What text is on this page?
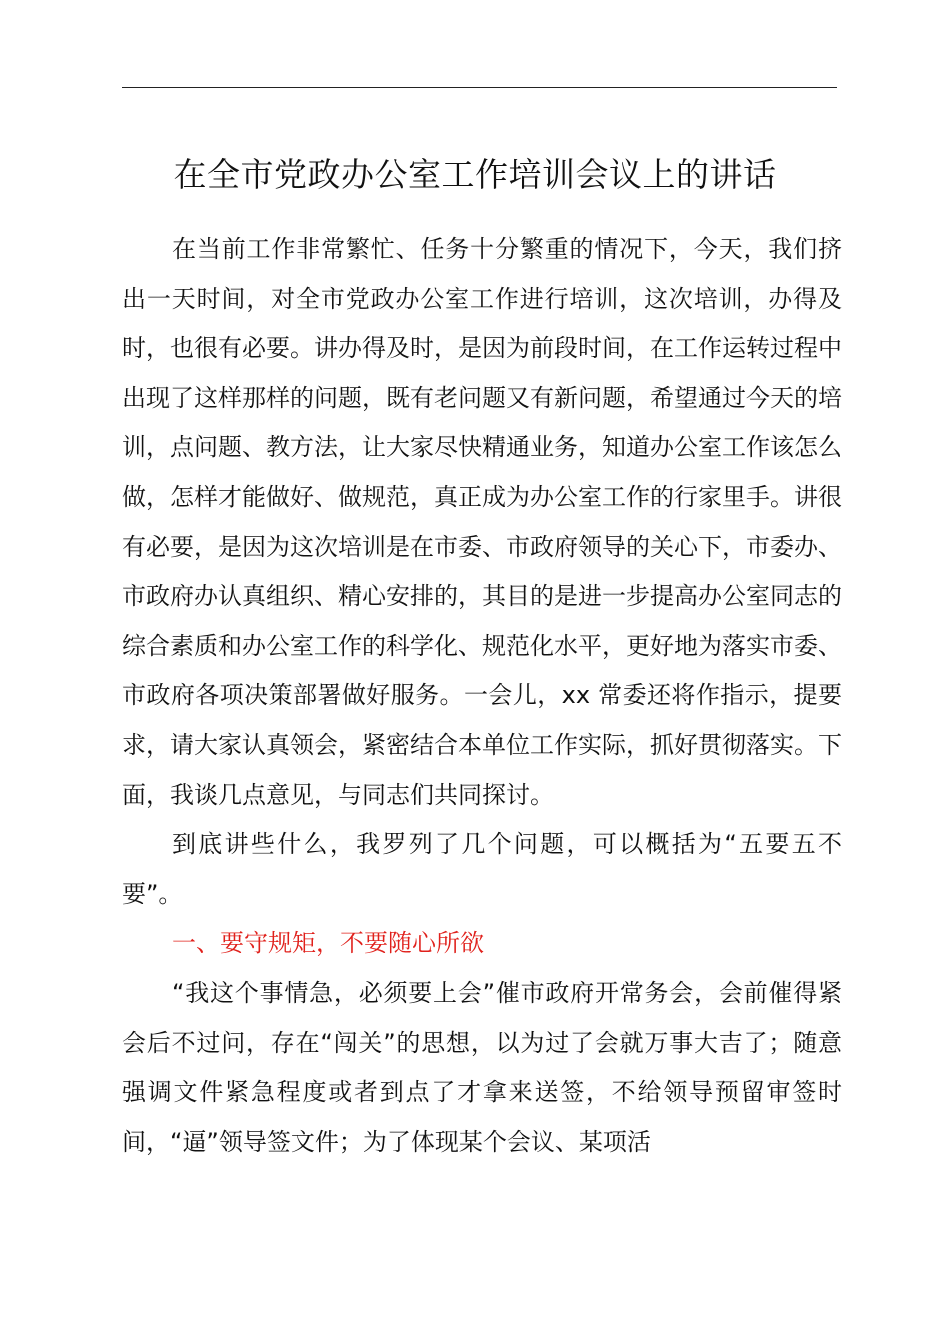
在全市党政办公室工作培训会议上的讲话

在当前工作非常繁忙、任务十分繁重的情况下，今天，我们挤出一天时间，对全市党政办公室工作进行培训，这次培训，办得及时，也很有必要。讲办得及时，是因为前段时间，在工作运转过程中出现了这样那样的问题，既有老问题又有新问题，希望通过今天的培训，点问题、教方法，让大家尽快精通业务，知道办公室工作该怎么做，怎样才能做好、做规范，真正成为办公室工作的行家里手。讲很有必要，是因为这次培训是在市委、市政府领导的关心下，市委办、市政府办认真组织、精心安排的，其目的是进一步提高办公室同志的综合素质和办公室工作的科学化、规范化水平，更好地为落实市委、市政府各项决策部署做好服务。一会儿，xx 常委还将作指示，提要求，请大家认真领会，紧密结合本单位工作实际，抓好贯彻落实。下面，我谈几点意见，与同志们共同探讨。

到底讲些什么，我罗列了几个问题，可以概括为“五要五不要”。

一、要守规矩，不要随心所欲

“我这个事情急，必须要上会”催市政府开常务会，会前催得紧会后不过问，存在“闯关”的思想，以为过了会就万事大吉了；随意强调文件紧急程度或者到点了才拿来送签，不给领导预留审签时间，“逼”领导签文件；为了体现某个会议、某项活
